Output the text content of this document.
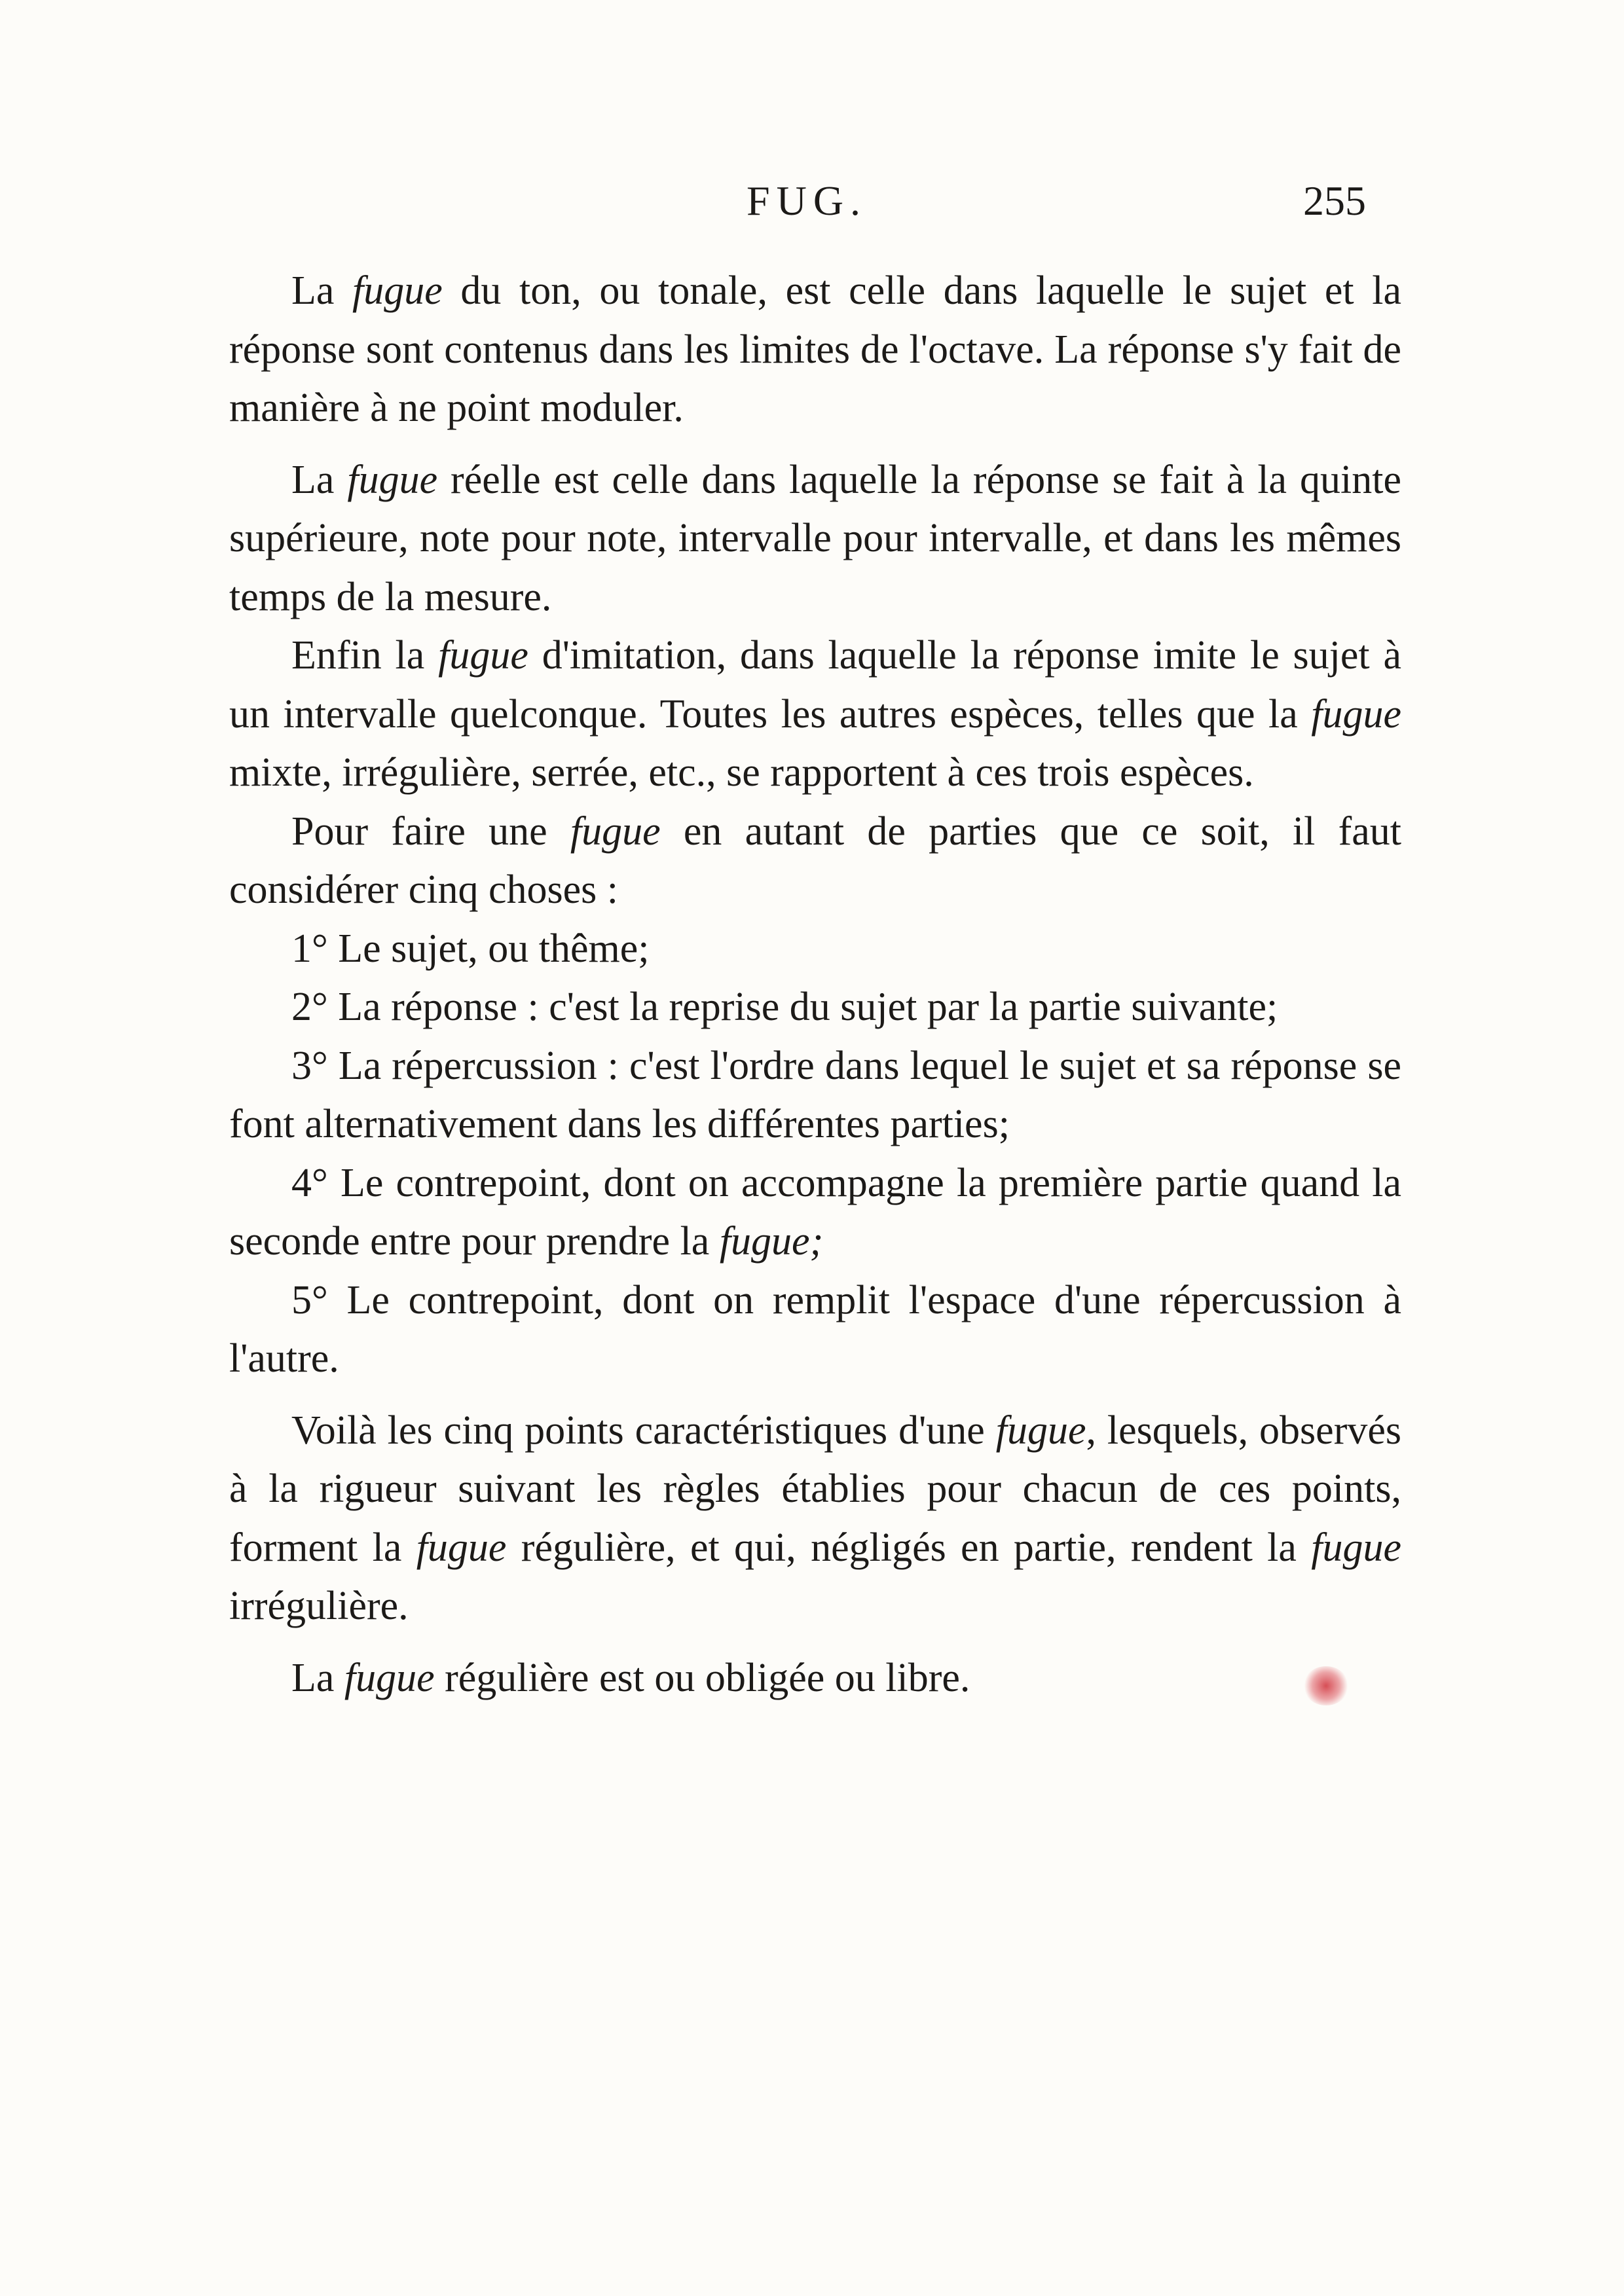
FUG.	255

La fugue du ton, ou tonale, est celle dans laquelle le sujet et la réponse sont contenus dans les limites de l'octave. La réponse s'y fait de manière à ne point moduler.

La fugue réelle est celle dans laquelle la réponse se fait à la quinte supérieure, note pour note, intervalle pour intervalle, et dans les mêmes temps de la mesure.

Enfin la fugue d'imitation, dans laquelle la réponse imite le sujet à un intervalle quelconque. Toutes les autres espèces, telles que la fugue mixte, irrégulière, serrée, etc., se rapportent à ces trois espèces.

Pour faire une fugue en autant de parties que ce soit, il faut considérer cinq choses :

1° Le sujet, ou thême;

2° La réponse : c'est la reprise du sujet par la partie suivante;

3° La répercussion : c'est l'ordre dans lequel le sujet et sa réponse se font alternativement dans les différentes parties;

4° Le contrepoint, dont on accompagne la première partie quand la seconde entre pour prendre la fugue;

5° Le contrepoint, dont on remplit l'espace d'une répercussion à l'autre.

Voilà les cinq points caractéristiques d'une fugue, lesquels, observés à la rigueur suivant les règles établies pour chacun de ces points, forment la fugue régulière, et qui, négligés en partie, rendent la fugue irrégulière.

La fugue régulière est ou obligée ou libre.
